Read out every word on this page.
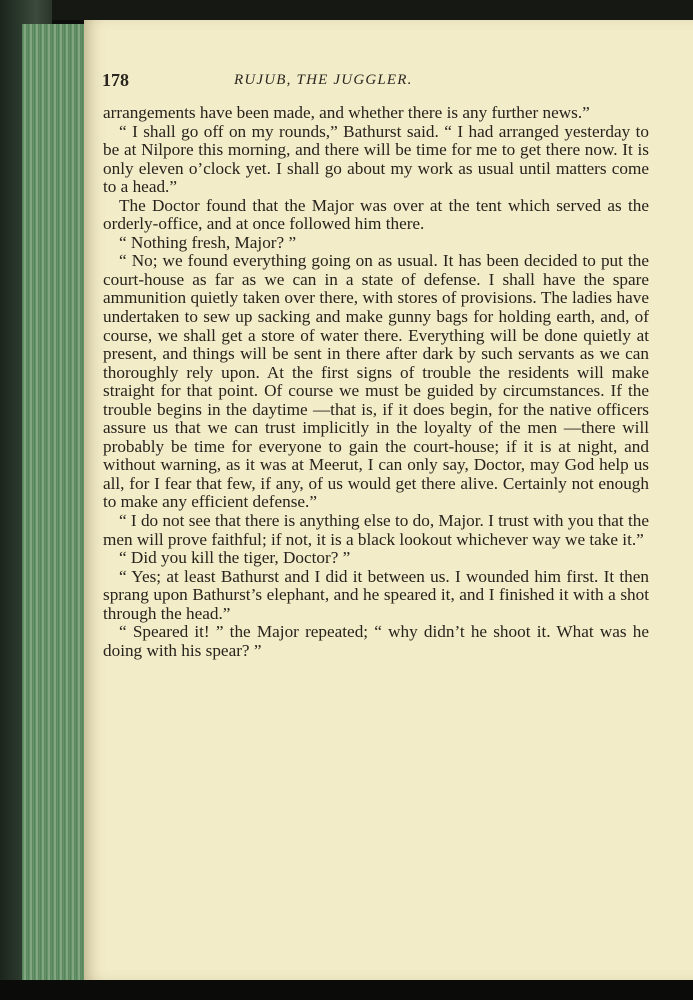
178	RUJUB, THE JUGGLER.

arrangements have been made, and whether there is any further news.”

“ I shall go off on my rounds,” Bathurst said. “ I had arranged yesterday to be at Nilpore this morning, and there will be time for me to get there now. It is only eleven o’clock yet. I shall go about my work as usual until matters come to a head.”

The Doctor found that the Major was over at the tent which served as the orderly-office, and at once followed him there.

“ Nothing fresh, Major? ”

“ No; we found everything going on as usual. It has been decided to put the court-house as far as we can in a state of defense. I shall have the spare ammunition quietly taken over there, with stores of provisions. The ladies have undertaken to sew up sacking and make gunny bags for holding earth, and, of course, we shall get a store of water there. Everything will be done quietly at present, and things will be sent in there after dark by such servants as we can thoroughly rely upon. At the first signs of trouble the residents will make straight for that point. Of course we must be guided by circumstances. If the trouble begins in the daytime —that is, if it does begin, for the native officers assure us that we can trust implicitly in the loyalty of the men —there will probably be time for everyone to gain the court-house; if it is at night, and without warning, as it was at Meerut, I can only say, Doctor, may God help us all, for I fear that few, if any, of us would get there alive. Certainly not enough to make any efficient defense.”

“ I do not see that there is anything else to do, Major. I trust with you that the men will prove faithful; if not, it is a black lookout whichever way we take it.”

“ Did you kill the tiger, Doctor? ”

“ Yes; at least Bathurst and I did it between us. I wounded him first. It then sprang upon Bathurst’s elephant, and he speared it, and I finished it with a shot through the head.”

“ Speared it! ” the Major repeated; “ why didn’t he shoot it. What was he doing with his spear? ”
